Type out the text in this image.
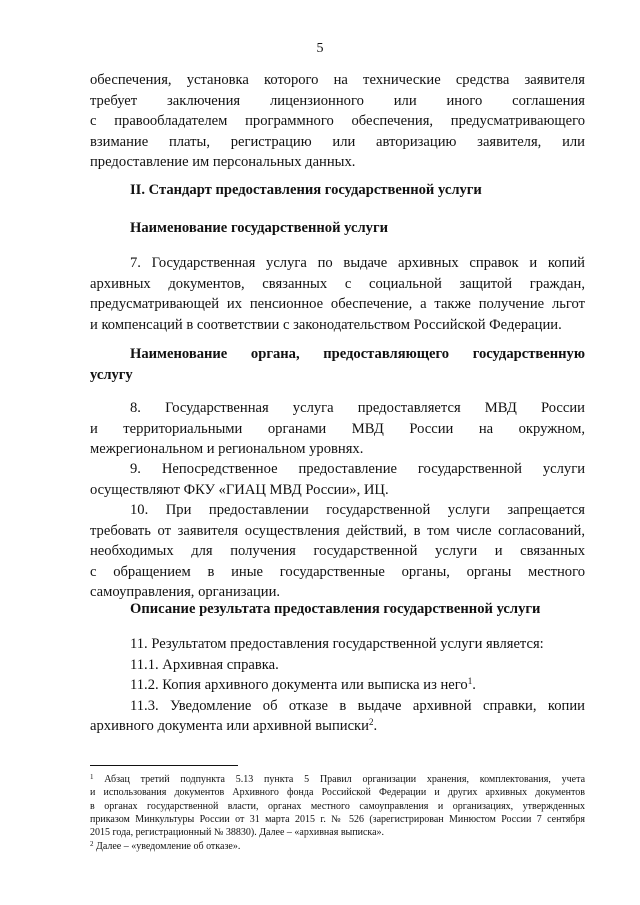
5
обеспечения, установка которого на технические средства заявителя
требует заключения лицензионного или иного соглашения
с правообладателем программного обеспечения, предусматривающего
взимание платы, регистрацию или авторизацию заявителя, или
предоставление им персональных данных.
II. Стандарт предоставления государственной услуги
Наименование государственной услуги
7. Государственная услуга по выдаче архивных справок и копий
архивных документов, связанных с социальной защитой граждан,
предусматривающей их пенсионное обеспечение, а также получение льгот
и компенсаций в соответствии с законодательством Российской Федерации.
Наименование органа, предоставляющего государственную
услугу
8. Государственная услуга предоставляется МВД России
и территориальными органами МВД России на окружном,
межрегиональном и региональном уровнях.
9. Непосредственное предоставление государственной услуги
осуществляют ФКУ «ГИАЦ МВД России», ИЦ.
10. При предоставлении государственной услуги запрещается
требовать от заявителя осуществления действий, в том числе согласований,
необходимых для получения государственной услуги и связанных
с обращением в иные государственные органы, органы местного
самоуправления, организации.
Описание результата предоставления государственной услуги
11. Результатом предоставления государственной услуги является:
11.1. Архивная справка.
11.2. Копия архивного документа или выписка из него$^1$.
11.3. Уведомление об отказе в выдаче архивной справки, копии
архивного документа или архивной выписки$^2$.
$^1$ Абзац третий подпункта 5.13 пункта 5 Правил организации хранения, комплектования, учета
и использования документов Архивного фонда Российской Федерации и других архивных документов
в органах государственной власти, органах местного самоуправления и организациях, утвержденных
приказом Минкультуры России от 31 марта 2015 г. № 526 (зарегистрирован Минюстом России 7 сентября
2015 года, регистрационный № 38830). Далее – «архивная выписка».
$^2$ Далее – «уведомление об отказе».
